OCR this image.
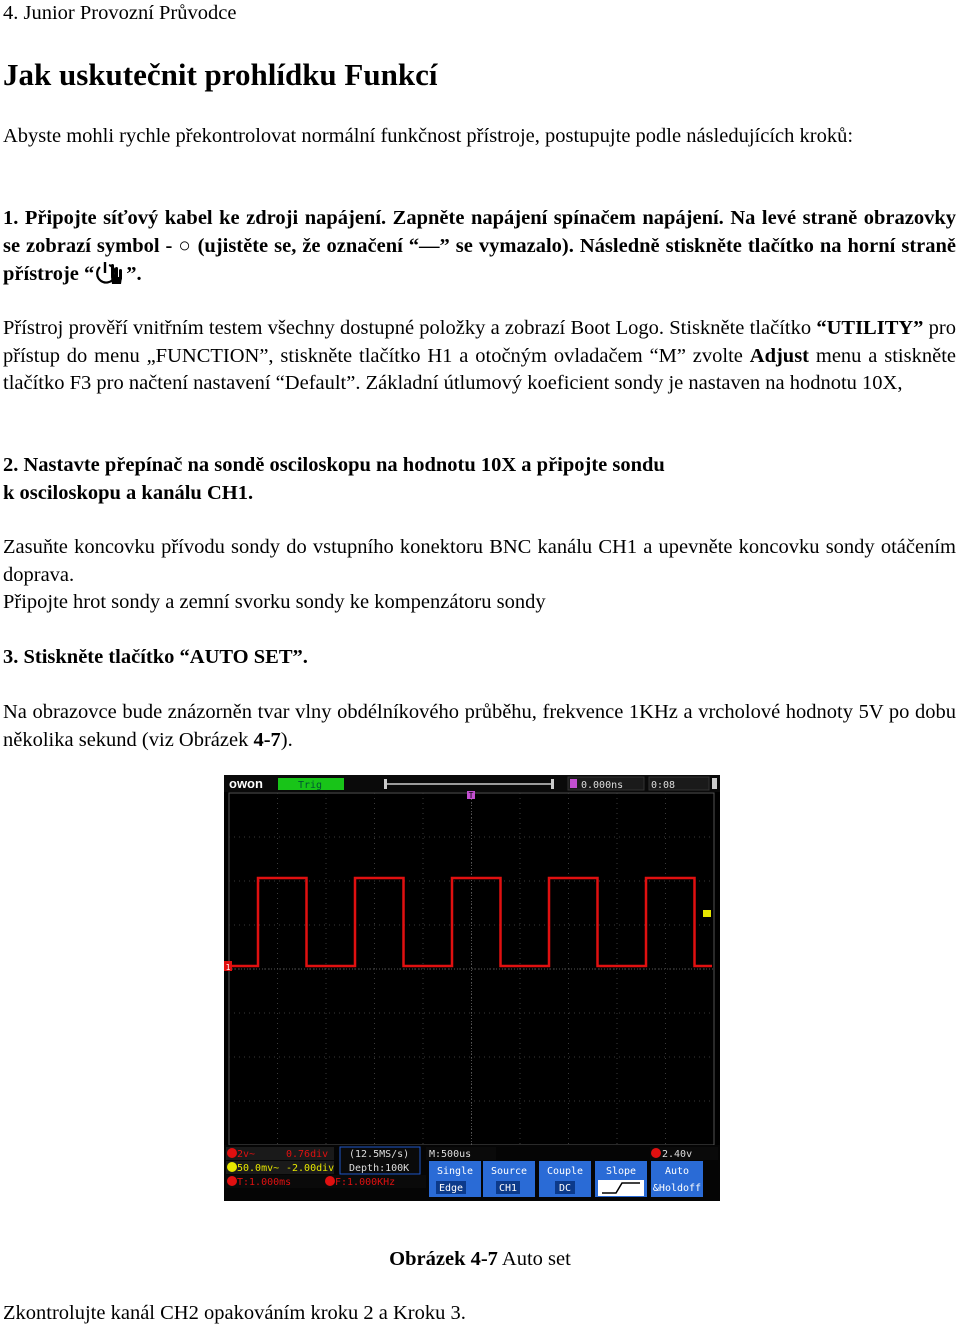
4. Junior Provozní Průvodce
Jak uskutečnit prohlídku Funkcí

Abyste mohli rychle překontrolovat normální funkčnost přístroje, postupujte podle následujících kroků:

1. Připojte síťový kabel ke zdroji napájení. Zapněte napájení spínačem napájení. Na levé straně obrazovky se zobrazí symbol - ○ (ujistěte se, že označení “—” se vymazalo). Následně stiskněte tlačítko na horní straně přístroje “ ”.

Přístroj prověří vnitřním testem všechny dostupné položky a zobrazí Boot Logo. Stiskněte tlačítko “UTILITY” pro přístup do menu „FUNCTION”, stiskněte tlačítko H1 a otočným ovladačem “M” zvolte Adjust menu a stiskněte tlačítko F3 pro načtení nastavení “Default”. Základní útlumový koeficient sondy je nastaven na hodnotu 10X,

2. Nastavte přepínač na sondě osciloskopu na hodnotu 10X a připojte sondu
k osciloskopu a kanálu CH1.

Zasuňte koncovku přívodu sondy do vstupního konektoru BNC kanálu CH1 a upevněte koncovku sondy otáčením doprava.

Připojte hrot sondy a zemní svorku sondy ke kompenzátoru sondy

3. Stiskněte tlačítko “AUTO SET”.

Na obrazovce bude znázorněn tvar vlny obdélníkového průběhu, frekvence 1KHz a vrcholové hodnoty 5V po dobu několika sekund (viz Obrázek 4-7).

owon	Trig	0.000ns	0:08
T
1
2v~	0.76div
50.0mv~ -2.00div
(12.5MS/s)
Depth:100K
M:500us	2.40v
T:1.000ms	F:1.000KHz
Single
Edge
Source
CH1
Couple
DC
Slope	Auto
&Holdoff
Obrázek 4-7 Auto set

Zkontrolujte kanál CH2 opakováním kroku 2 a Kroku 3.
